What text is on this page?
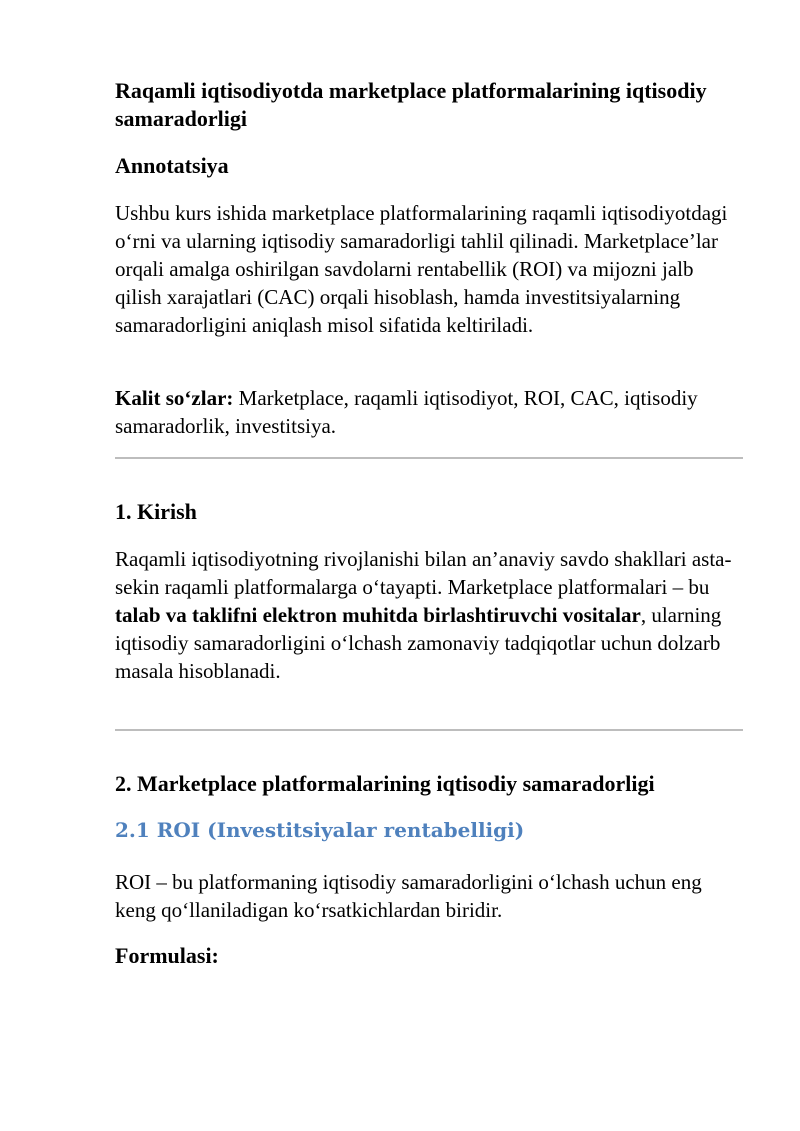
Raqamli iqtisodiyotda marketplace platformalarining iqtisodiy samaradorligi
Annotatsiya

Ushbu kurs ishida marketplace platformalarining raqamli iqtisodiyotdagi o‘rni va ularning iqtisodiy samaradorligi tahlil qilinadi. Marketplace’lar orqali amalga oshirilgan savdolarni rentabellik (ROI) va mijozni jalb qilish xarajatlari (CAC) orqali hisoblash, hamda investitsiyalarning samaradorligini aniqlash misol sifatida keltiriladi.

Kalit so‘zlar: Marketplace, raqamli iqtisodiyot, ROI, CAC, iqtisodiy samaradorlik, investitsiya.

1. Kirish

Raqamli iqtisodiyotning rivojlanishi bilan an’anaviy savdo shakllari asta-sekin raqamli platformalarga o‘tayapti. Marketplace platformalari – bu talab va taklifni elektron muhitda birlashtiruvchi vositalar, ularning iqtisodiy samaradorligini o‘lchash zamonaviy tadqiqotlar uchun dolzarb masala hisoblanadi.

2. Marketplace platformalarining iqtisodiy samaradorligi
2.1 ROI (Investitsiyalar rentabelligi)

ROI – bu platformaning iqtisodiy samaradorligini o‘lchash uchun eng keng qo‘llaniladigan ko‘rsatkichlardan biridir.

Formulasi:
